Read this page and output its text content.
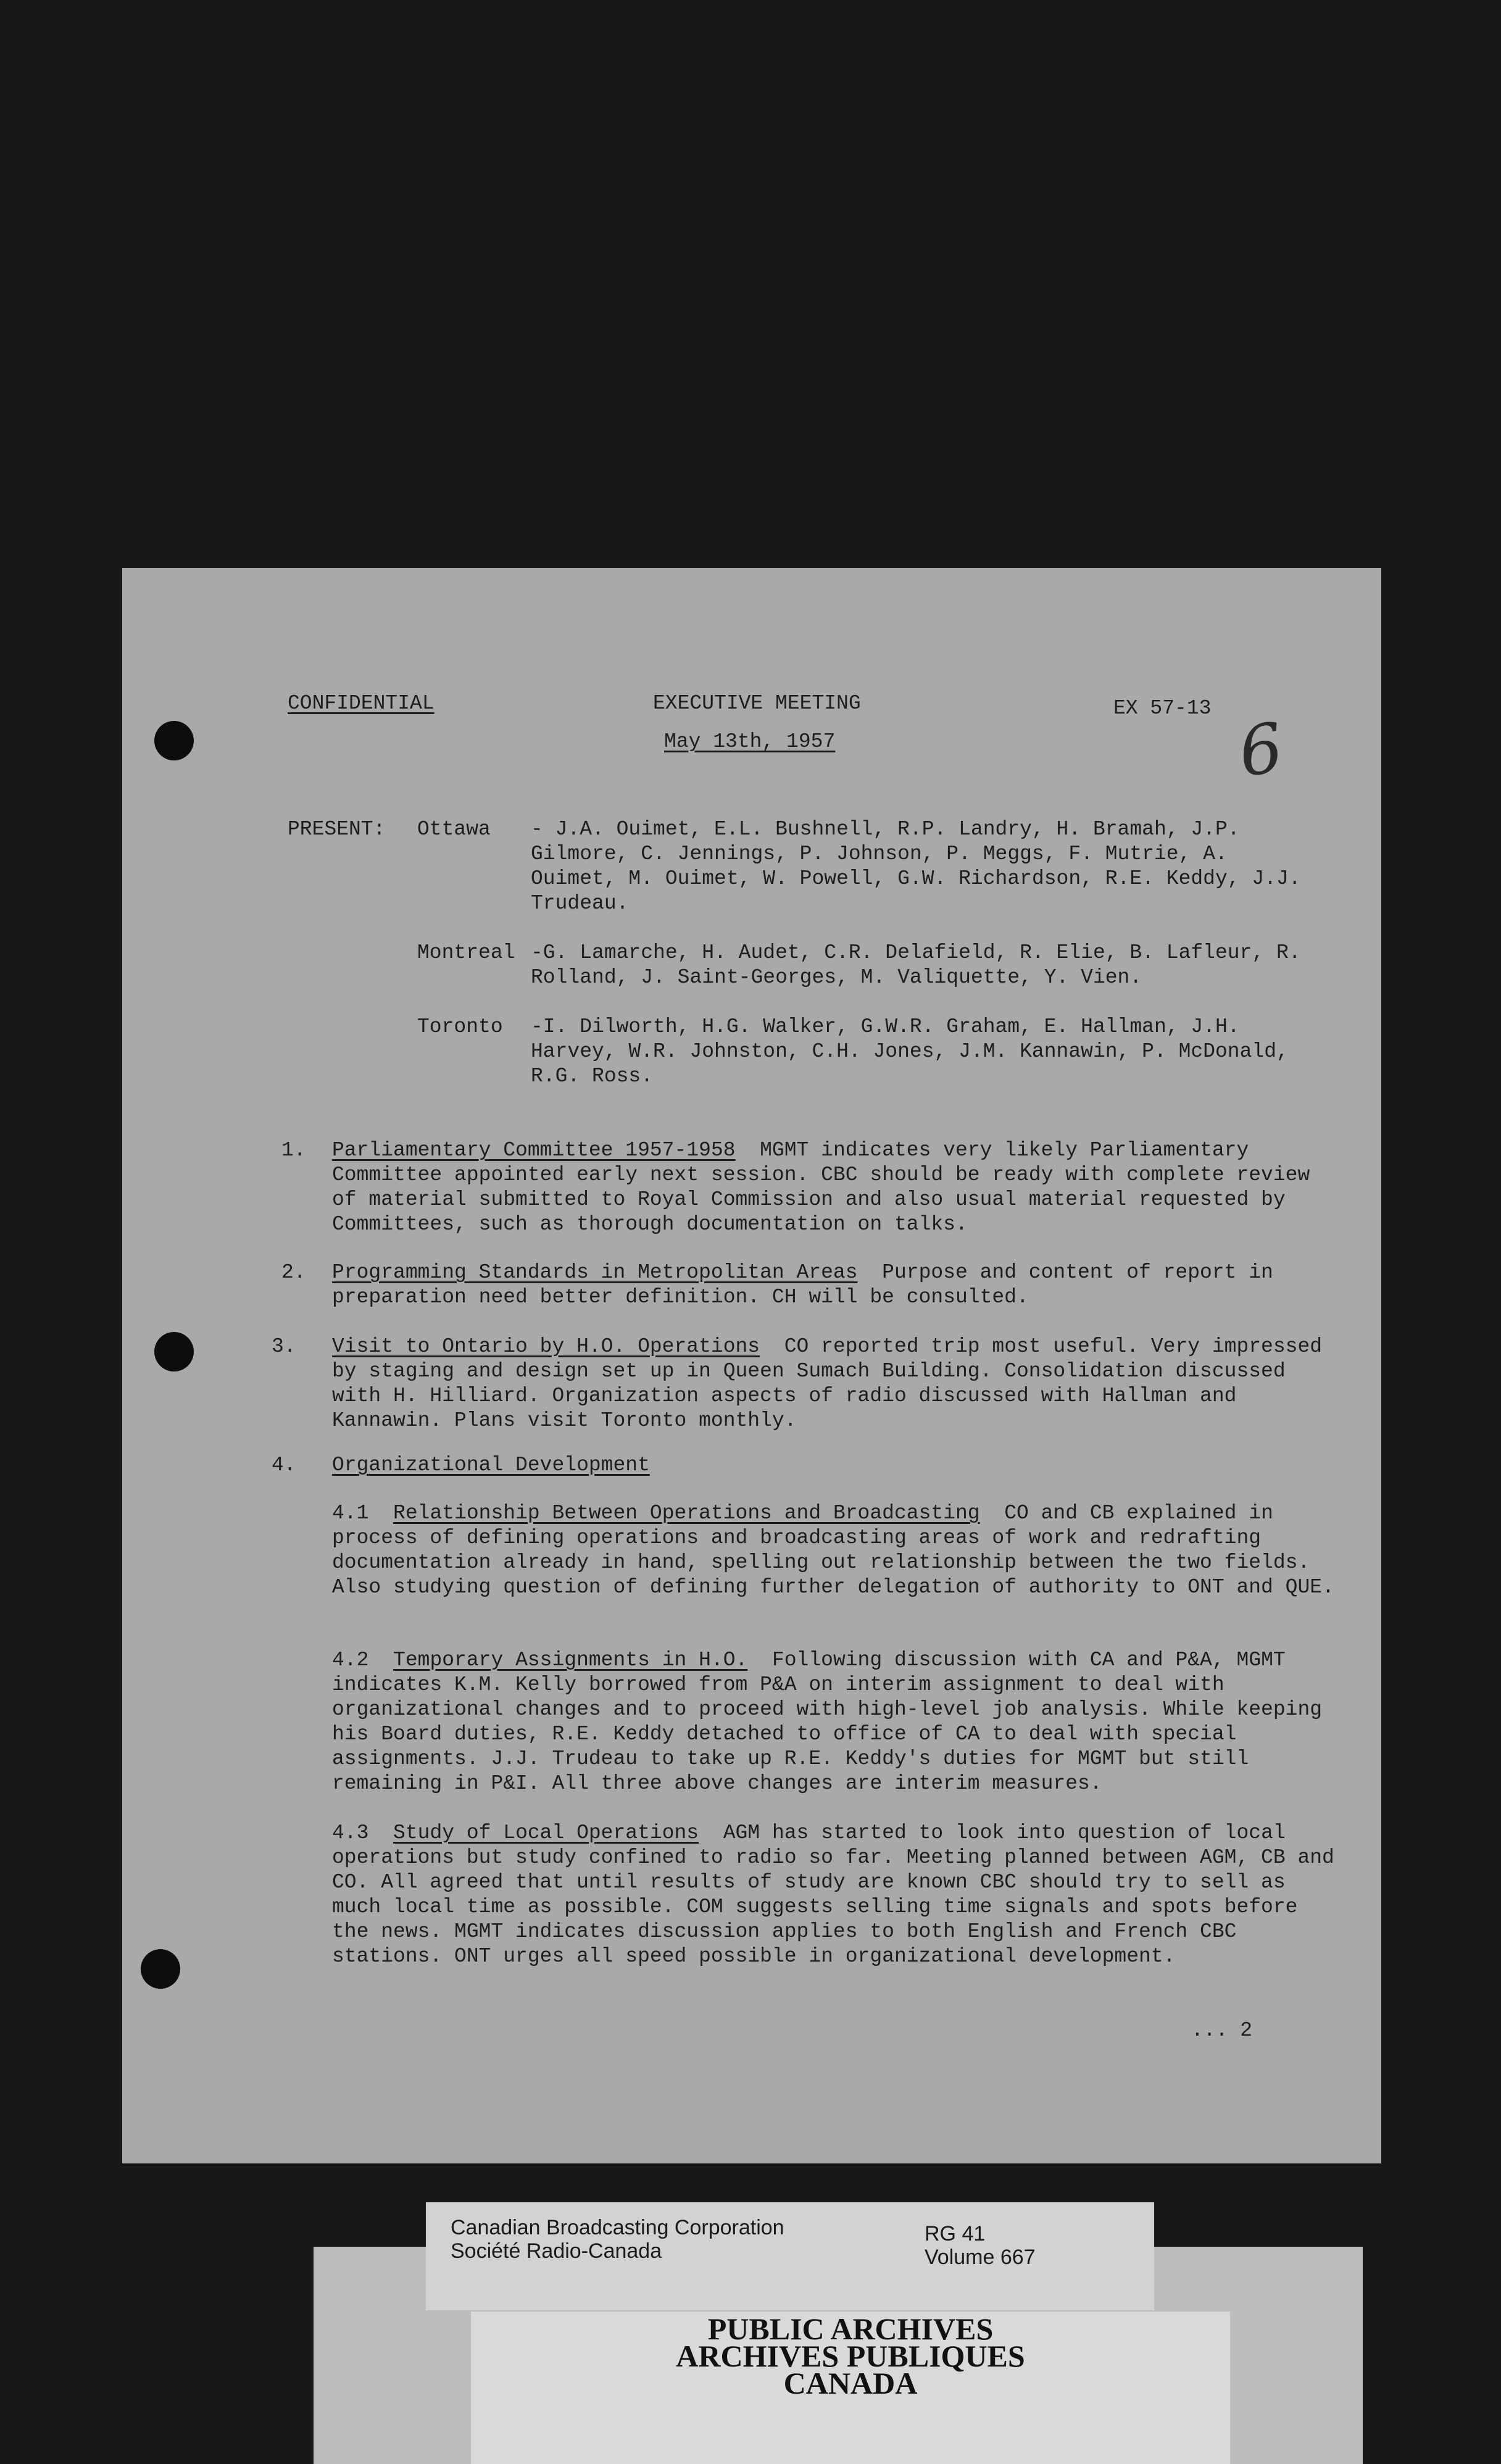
CONFIDENTIAL	EXECUTIVE MEETING
May 13th, 1957
EX 57-13 6
PRESENT: Ottawa - J.A. Ouimet, E.L. Bushnell, R.P. Landry, H. Bramah, J.P. Gilmore, C. Jennings, P. Johnson, P. Meggs, F. Mutrie, A. Ouimet, M. Ouimet, W. Powell, G.W. Richardson, R.E. Keddy, J.J. Trudeau.
Montreal -G. Lamarche, H. Audet, C.R. Delafield, R. Elie, B. Lafleur, R. Rolland, J. Saint-Georges, M. Valiquette, Y. Vien.
Toronto -I. Dilworth, H.G. Walker, G.W.R. Graham, E. Hallman, J.H. Harvey, W.R. Johnston, C.H. Jones, J.M. Kannawin, P. McDonald, R.G. Ross.
1. Parliamentary Committee 1957-1958 MGMT indicates very likely Parliamentary Committee appointed early next session. CBC should be ready with complete review of material submitted to Royal Commission and also usual material requested by Committees, such as thorough documentation on talks.

2. Programming Standards in Metropolitan Areas Purpose and content of report in preparation need better definition. CH will be consulted.

3. Visit to Ontario by H.O. Operations CO reported trip most useful. Very impressed by staging and design set up in Queen Sumach Building. Consolidation discussed with H. Hilliard. Organization aspects of radio discussed with Hallman and Kannawin. Plans visit Toronto monthly.

4. Organizational Development

4.1 Relationship Between Operations and Broadcasting CO and CB explained in process of defining operations and broadcasting areas of work and redrafting documentation already in hand, spelling out relationship between the two fields. Also studying question of defining further delegation of authority to ONT and QUE.

4.2 Temporary Assignments in H.O. Following discussion with CA and P&A, MGMT indicates K.M. Kelly borrowed from P&A on interim assignment to deal with organizational changes and to proceed with high-level job analysis. While keeping his Board duties, R.E. Keddy detached to office of CA to deal with special assignments. J.J. Trudeau to take up R.E. Keddy's duties for MGMT but still remaining in P&I. All three above changes are interim measures.

4.3 Study of Local Operations AGM has started to look into question of local operations but study confined to radio so far. Meeting planned between AGM, CB and CO. All agreed that until results of study are known CBC should try to sell as much local time as possible. COM suggests selling time signals and spots before the news. MGMT indicates discussion applies to both English and French CBC stations. ONT urges all speed possible in organizational development.

... 2
PUBLIC ARCHIVES
ARCHIVES PUBLIQUES
CANADA
Canadian Broadcasting Corporation
Société Radio-Canada
RG 41
Volume 667
